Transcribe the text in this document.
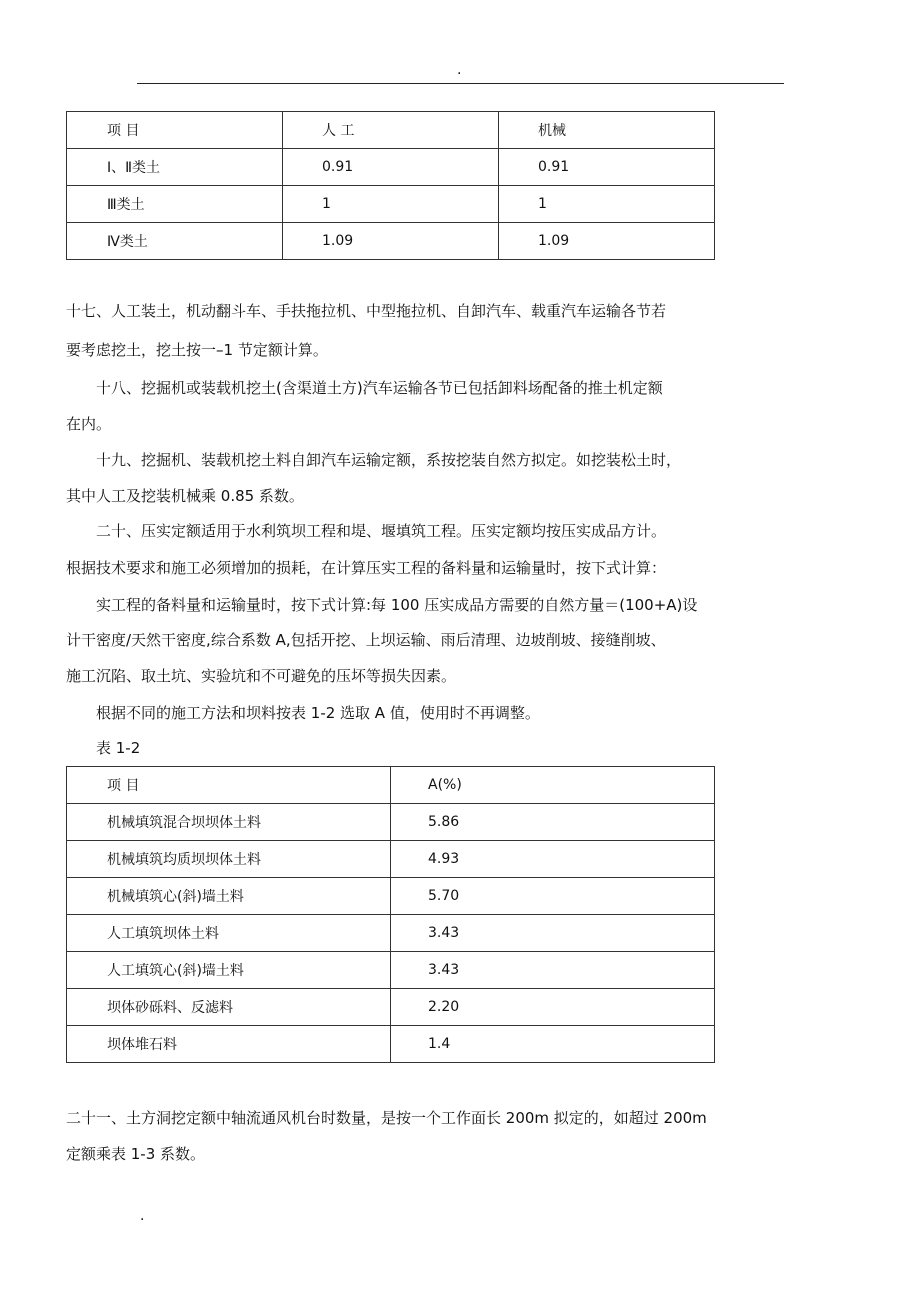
.
项 目	人 工	机械
Ⅰ、Ⅱ类土	0.91	0.91
Ⅲ类土	1	1
Ⅳ类土	1.09	1.09
十七、人工装土，机动翻斗车、手扶拖拉机、中型拖拉机、自卸汽车、载重汽车运输各节若
要考虑挖土，挖土按一–1 节定额计算。
十八、挖掘机或装载机挖土(含渠道土方)汽车运输各节已包括卸料场配备的推土机定额
在内。
十九、挖掘机、装载机挖土料自卸汽车运输定额，系按挖装自然方拟定。如挖装松土时，
其中人工及挖装机械乘 0.85 系数。
二十、压实定额适用于水利筑坝工程和堤、堰填筑工程。压实定额均按压实成品方计。
根据技术要求和施工必须增加的损耗，在计算压实工程的备料量和运输量时，按下式计算：
实工程的备料量和运输量时，按下式计算:每 100 压实成品方需要的自然方量＝(100+A)设
计干密度/天然干密度,综合系数 A,包括开挖、上坝运输、雨后清理、边坡削坡、接缝削坡、
施工沉陷、取土坑、实验坑和不可避免的压坏等损失因素。
根据不同的施工方法和坝料按表 1-2 选取 A 值，使用时不再调整。
表 1-2
项 目	A(%)
机械填筑混合坝坝体土料	5.86
机械填筑均质坝坝体土料	4.93
机械填筑心(斜)墙土料	5.70
人工填筑坝体土料	3.43
人工填筑心(斜)墙土料	3.43
坝体砂砾料、反滤料	2.20
坝体堆石料	1.4
二十一、土方洞挖定额中轴流通风机台时数量，是按一个工作面长 200m 拟定的，如超过 200m
定额乘表 1-3 系数。
.
